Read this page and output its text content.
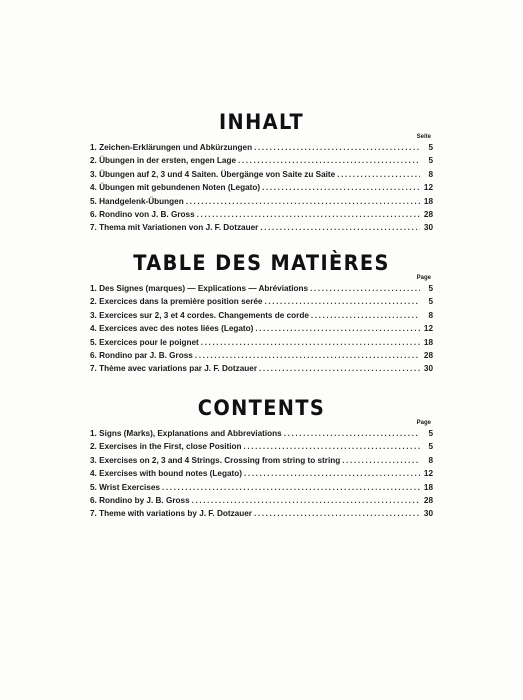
INHALT
Seite
1. Zeichen-Erklärungen und Abkürzungen .....	5
2. Übungen in der ersten, engen Lage .....	5
3. Übungen auf 2, 3 und 4 Saiten. Übergänge von Saite zu Saite .....	8
4. Übungen mit gebundenen Noten (Legato) .....	12
5. Handgelenk-Übungen .....	18
6. Rondino von J. B. Gross .....	28
7. Thema mit Variationen von J. F. Dotzauer .....	30
TABLE DES MATIÈRES
Page
1. Des Signes (marques) — Explications — Abréviations .....	5
2. Exercices dans la première position serée .....	5
3. Exercices sur 2, 3 et 4 cordes. Changements de corde .....	8
4. Exercices avec des notes liées (Legato) .....	12
5. Exercices pour le poignet .....	18
6. Rondino par J. B. Gross .....	28
7. Thème avec variations par J. F. Dotzauer .....	30
CONTENTS
Page
1. Signs (Marks), Explanations and Abbreviations .....	5
2. Exercises in the First, close Position .....	5
3. Exercises on 2, 3 and 4 Strings. Crossing from string to string .....	8
4. Exercises with bound notes (Legato) .....	12
5. Wrist Exercises .....	18
6. Rondino by J. B. Gross .....	28
7. Theme with variations by J. F. Dotzauer .....	30
